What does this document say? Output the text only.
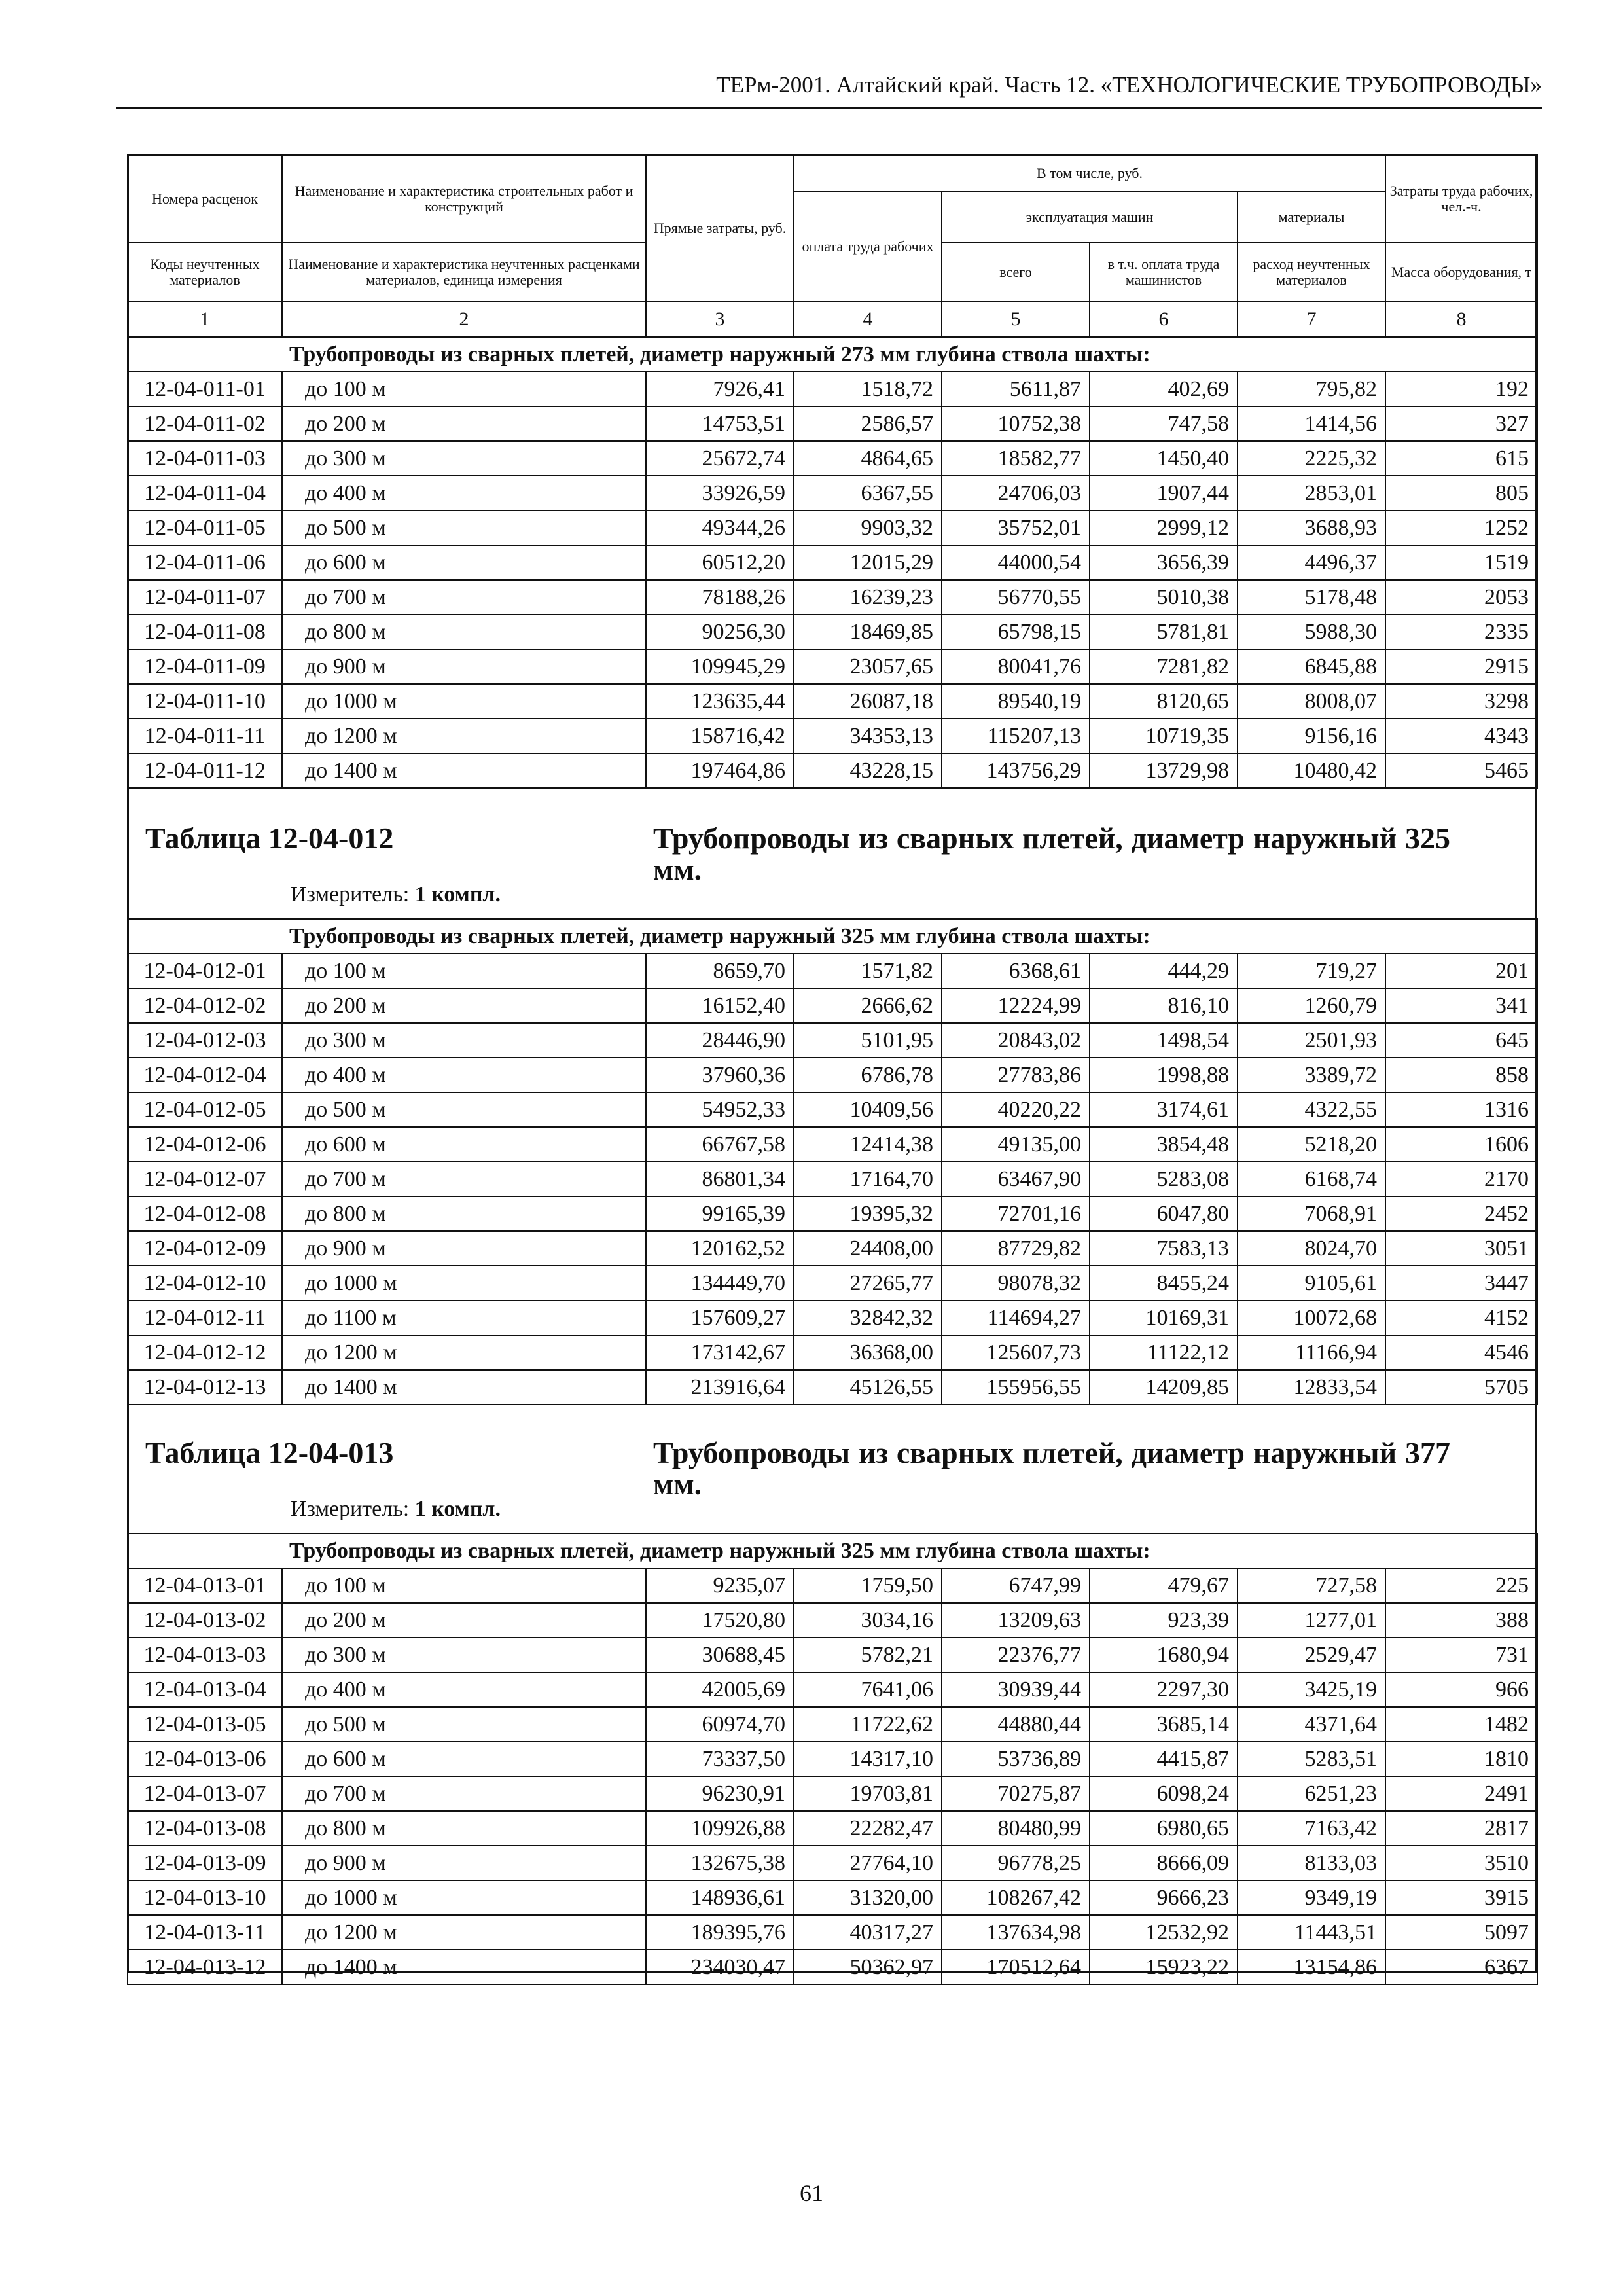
ТЕРм-2001. Алтайский край. Часть 12. «ТЕХНОЛОГИЧЕСКИЕ ТРУБОПРОВОДЫ»
Номера расценок	Наименование и характеристика строительных работ и конструкций	Прямые затраты, руб.	В том числе, руб.				Затраты труда рабочих, чел.-ч.
			оплата труда рабочих	эксплуатация машин		материалы	
Коды неучтенных материалов	Наименование и характеристика неучтенных расценками материалов, единица измерения			всего	в т.ч. оплата труда машинистов	расход неучтенных материалов	Масса оборудования, т
1	2	3	4	5	6	7	8
Трубопроводы из сварных плетей, диаметр наружный 273 мм глубина ствола шахты:							
12-04-011-01	до 100 м	7926,41	1518,72	5611,87	402,69	795,82	192
12-04-011-02	до 200 м	14753,51	2586,57	10752,38	747,58	1414,56	327
12-04-011-03	до 300 м	25672,74	4864,65	18582,77	1450,40	2225,32	615
12-04-011-04	до 400 м	33926,59	6367,55	24706,03	1907,44	2853,01	805
12-04-011-05	до 500 м	49344,26	9903,32	35752,01	2999,12	3688,93	1252
12-04-011-06	до 600 м	60512,20	12015,29	44000,54	3656,39	4496,37	1519
12-04-011-07	до 700 м	78188,26	16239,23	56770,55	5010,38	5178,48	2053
12-04-011-08	до 800 м	90256,30	18469,85	65798,15	5781,81	5988,30	2335
12-04-011-09	до 900 м	109945,29	23057,65	80041,76	7281,82	6845,88	2915
12-04-011-10	до 1000 м	123635,44	26087,18	89540,19	8120,65	8008,07	3298
12-04-011-11	до 1200 м	158716,42	34353,13	115207,13	10719,35	9156,16	4343
12-04-011-12	до 1400 м	197464,86	43228,15	143756,29	13729,98	10480,42	5465
Таблица 12-04-012	Трубопроводы из сварных плетей, диаметр наружный 325 мм.
Измеритель: 1 компл.
Трубопроводы из сварных плетей, диаметр наружный 325 мм глубина ствола шахты:							
12-04-012-01	до 100 м	8659,70	1571,82	6368,61	444,29	719,27	201
12-04-012-02	до 200 м	16152,40	2666,62	12224,99	816,10	1260,79	341
12-04-012-03	до 300 м	28446,90	5101,95	20843,02	1498,54	2501,93	645
12-04-012-04	до 400 м	37960,36	6786,78	27783,86	1998,88	3389,72	858
12-04-012-05	до 500 м	54952,33	10409,56	40220,22	3174,61	4322,55	1316
12-04-012-06	до 600 м	66767,58	12414,38	49135,00	3854,48	5218,20	1606
12-04-012-07	до 700 м	86801,34	17164,70	63467,90	5283,08	6168,74	2170
12-04-012-08	до 800 м	99165,39	19395,32	72701,16	6047,80	7068,91	2452
12-04-012-09	до 900 м	120162,52	24408,00	87729,82	7583,13	8024,70	3051
12-04-012-10	до 1000 м	134449,70	27265,77	98078,32	8455,24	9105,61	3447
12-04-012-11	до 1100 м	157609,27	32842,32	114694,27	10169,31	10072,68	4152
12-04-012-12	до 1200 м	173142,67	36368,00	125607,73	11122,12	11166,94	4546
12-04-012-13	до 1400 м	213916,64	45126,55	155956,55	14209,85	12833,54	5705
Таблица 12-04-013	Трубопроводы из сварных плетей, диаметр наружный 377 мм.
Измеритель: 1 компл.
Трубопроводы из сварных плетей, диаметр наружный 325 мм глубина ствола шахты:							
12-04-013-01	до 100 м	9235,07	1759,50	6747,99	479,67	727,58	225
12-04-013-02	до 200 м	17520,80	3034,16	13209,63	923,39	1277,01	388
12-04-013-03	до 300 м	30688,45	5782,21	22376,77	1680,94	2529,47	731
12-04-013-04	до 400 м	42005,69	7641,06	30939,44	2297,30	3425,19	966
12-04-013-05	до 500 м	60974,70	11722,62	44880,44	3685,14	4371,64	1482
12-04-013-06	до 600 м	73337,50	14317,10	53736,89	4415,87	5283,51	1810
12-04-013-07	до 700 м	96230,91	19703,81	70275,87	6098,24	6251,23	2491
12-04-013-08	до 800 м	109926,88	22282,47	80480,99	6980,65	7163,42	2817
12-04-013-09	до 900 м	132675,38	27764,10	96778,25	8666,09	8133,03	3510
12-04-013-10	до 1000 м	148936,61	31320,00	108267,42	9666,23	9349,19	3915
12-04-013-11	до 1200 м	189395,76	40317,27	137634,98	12532,92	11443,51	5097
12-04-013-12	до 1400 м	234030,47	50362,97	170512,64	15923,22	13154,86	6367
61
